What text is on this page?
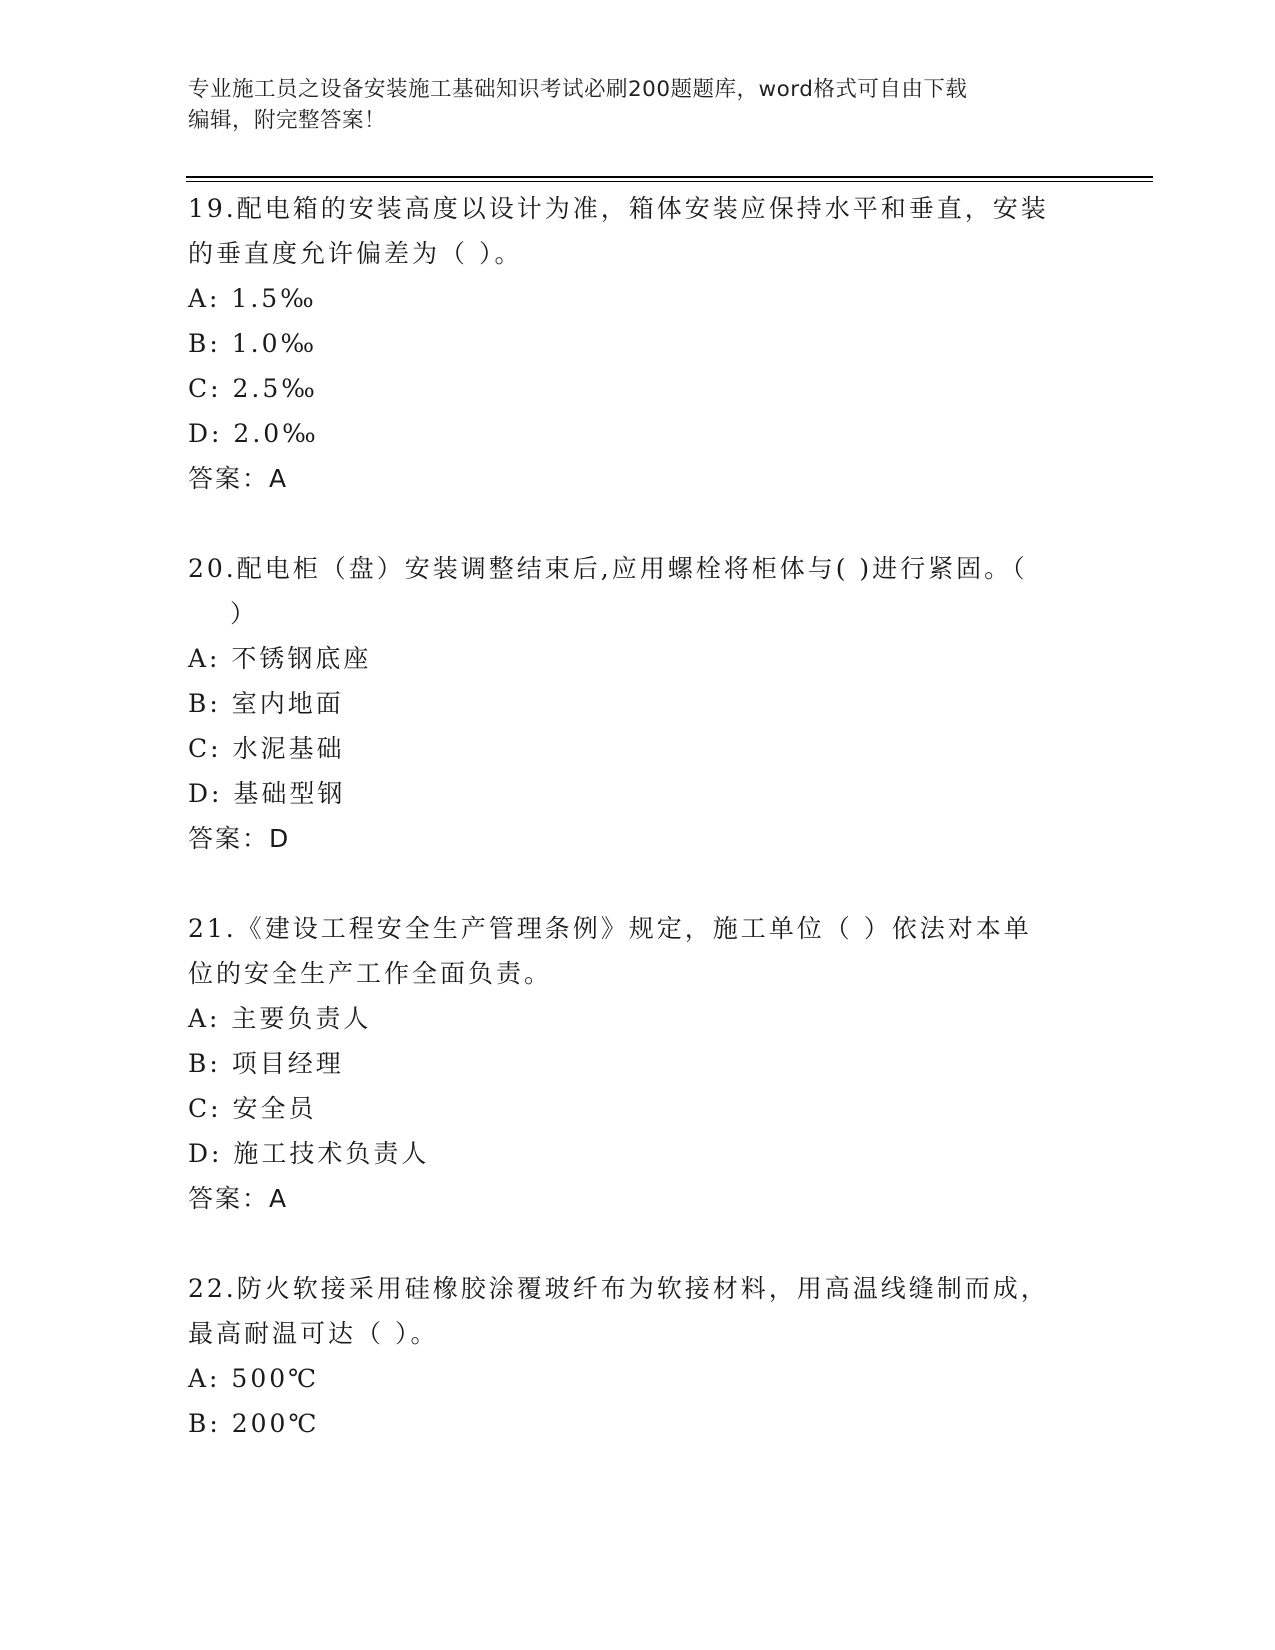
专业施工员之设备安装施工基础知识考试必刷200题题库，word格式可自由下载
编辑，附完整答案！
19.配电箱的安装高度以设计为准，箱体安装应保持水平和垂直，安装
的垂直度允许偏差为（ ）。
A: 1.5‰
B: 1.0‰
C: 2.5‰
D: 2.0‰
答案：A
20.配电柜（盘）安装调整结束后,应用螺栓将柜体与( )进行紧固。（
）
A: 不锈钢底座
B: 室内地面
C: 水泥基础
D: 基础型钢
答案：D
21.《建设工程安全生产管理条例》规定，施工单位（ ）依法对本单
位的安全生产工作全面负责。
A: 主要负责人
B: 项目经理
C: 安全员
D: 施工技术负责人
答案：A
22.防火软接采用硅橡胶涂覆玻纤布为软接材料，用高温线缝制而成，
最高耐温可达（ ）。
A: 500℃
B: 200℃
